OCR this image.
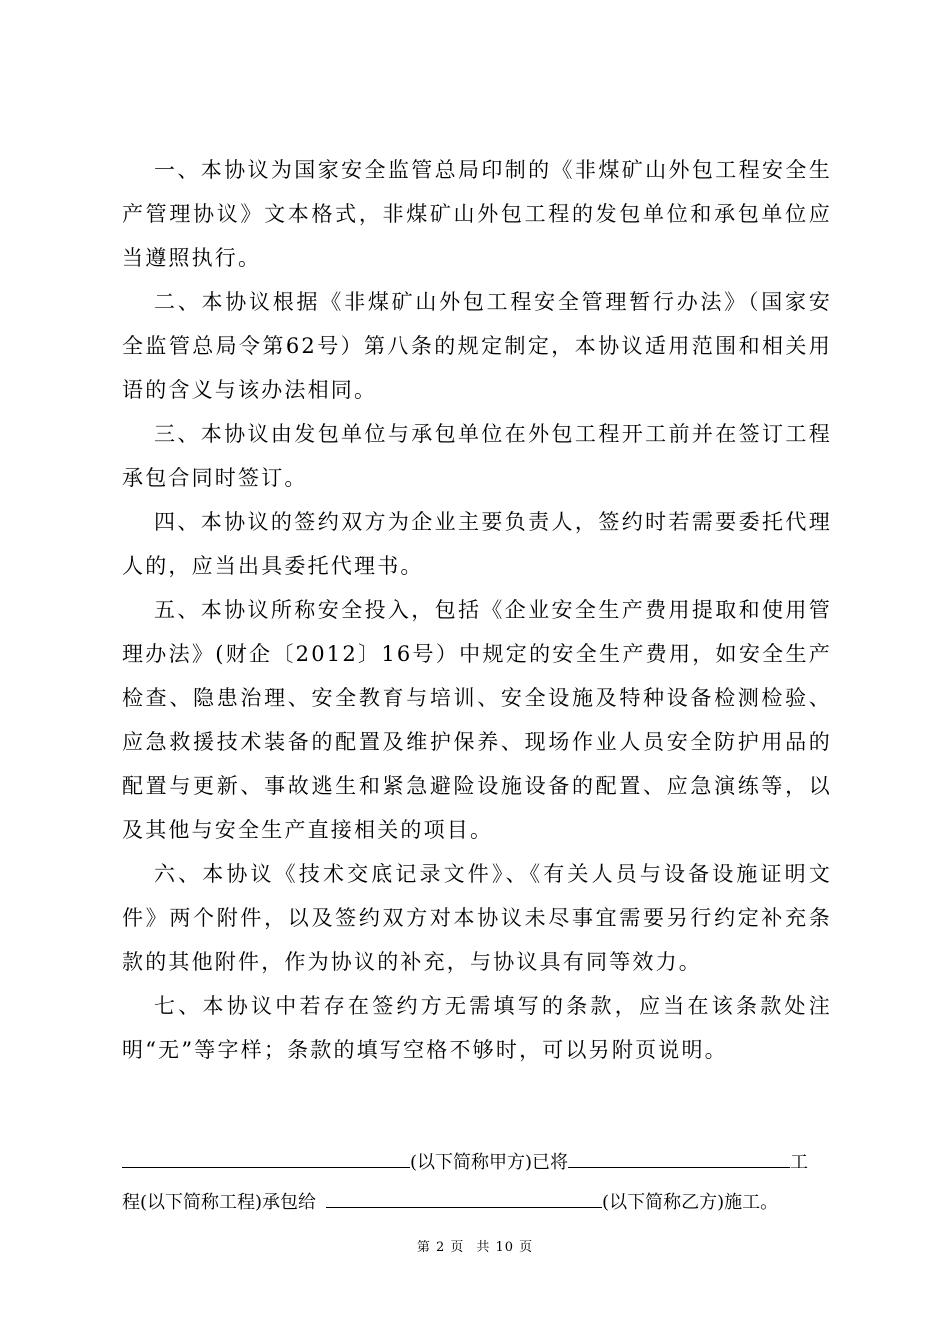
一、本协议为国家安全监管总局印制的《非煤矿山外包工程安全生产管理协议》文本格式，非煤矿山外包工程的发包单位和承包单位应当遵照执行。

二、本协议根据《非煤矿山外包工程安全管理暂行办法》（国家安全监管总局令第62号）第八条的规定制定，本协议适用范围和相关用语的含义与该办法相同。

三、本协议由发包单位与承包单位在外包工程开工前并在签订工程承包合同时签订。

四、本协议的签约双方为企业主要负责人，签约时若需要委托代理人的，应当出具委托代理书。

五、本协议所称安全投入，包括《企业安全生产费用提取和使用管理办法》(财企〔2012〕16号）中规定的安全生产费用，如安全生产检查、隐患治理、安全教育与培训、安全设施及特种设备检测检验、应急救援技术装备的配置及维护保养、现场作业人员安全防护用品的配置与更新、事故逃生和紧急避险设施设备的配置、应急演练等，以及其他与安全生产直接相关的项目。

六、本协议《技术交底记录文件》、《有关人员与设备设施证明文件》两个附件，以及签约双方对本协议未尽事宜需要另行约定补充条款的其他附件，作为协议的补充，与协议具有同等效力。

七、本协议中若存在签约方无需填写的条款，应当在该条款处注明“无”等字样；条款的填写空格不够时，可以另附页说明。

(以下简称甲方)已将	工
程(以下简称工程)承包给	(以下简称乙方)施工。
第 2 页 共 10 页
